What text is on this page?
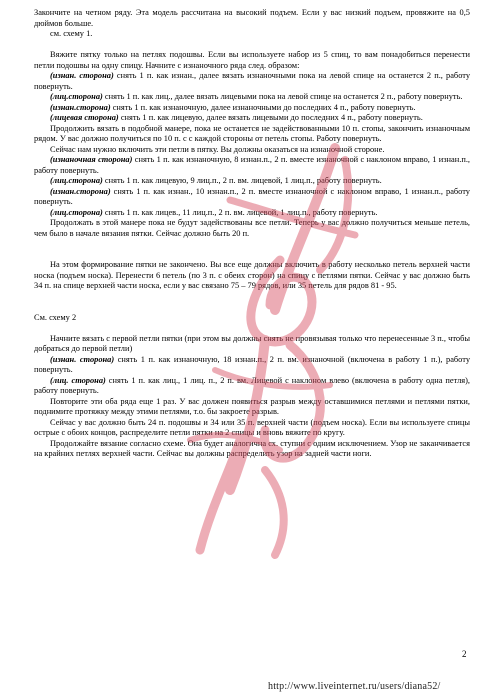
Закончите на четном ряду. Эта модель рассчитана на высокий подъем. Если у вас низкий подъем, провяжите на 0,5 дюймов больше.

см. схему 1.

Вяжите пятку только на петлях подошвы. Если вы используете набор из 5 спиц, то вам понадобиться перенести петли подошвы на одну спицу. Начните с изнаночного ряда след. образом:

(изнан. сторона) снять 1 п. как изнан., далее вязать изнаночными пока на левой спице на останется 2 п., работу повернуть.

(лиц.сторона) снять 1 п. как лиц., далее вязать лицевыми пока на левой спице на останется 2 п., работу повернуть.

(изнан.сторона) снять 1 п. как изнаночную, далее изнаночными до последних 4 п., работу повернуть.

(лицевая сторона) снять 1 п. как лицевую, далее вязать лицевыми до последних 4 п., работу повернуть.

Продолжить вязать в подобной манере, пока не останется не задействованными 10 п. стопы, закончить изнаночным рядом. У вас должно получиться по 10 п. с с каждой стороны от петель стопы. Работу повернуть.

Сейчас нам нужно включить эти петли в пятку. Вы должны оказаться на изнаночной стороне.

(изнаночная сторона) снять 1 п. как изнаночную, 8 изнан.п., 2 п. вместе изнаночной с наклоном вправо, 1 изнан.п., работу повернуть.

(лиц.сторона) снять 1 п. как лицевую, 9 лиц.п., 2 п. вм. лицевой, 1 лиц.п., работу повернуть.

(изнан.сторона) снять 1 п. как изнан., 10 изнан.п., 2 п. вместе изнаночной с наклоном вправо, 1 изнан.п., работу повернуть.

(лиц.сторона) снять 1 п. как лицев., 11 лиц.п., 2 п. вм. лицевой, 1 лиц.п., работу повернуть.

Продолжать в этой манере пока не будут задействованы все петли. Теперь у вас должно получиться меньше петель, чем было в начале вязания пятки. Сейчас должно быть 20 п.

На этом формирование пятки не закончено. Вы все еще должны включить в работу несколько петель верхней части носка (подъем носка). Перенести 6 петель (по 3 п. с обеих сторон) на спицу с петлями пятки. Сейчас у вас должно быть 34 п. на спице верхней части носка, если у вас связано 75 – 79 рядов, или 35 петель для рядов 81 - 95.

См. схему 2

Начните вязать с первой петли пятки (при этом вы должны снять не провязывая только что перенесенные 3 п., чтобы добраться до первой петли)

(изнан. сторона) снять 1 п. как изнаночную, 18 изнан.п., 2 п. вм. изнаночной (включена в работу 1 п.), работу повернуть.

(лиц. сторона) снять 1 п. как лиц., 1 лиц. п., 2 п. вм. Лицевой с наклоном влево (включена в работу одна петля), работу повернуть.

Повторите эти оба ряда еще 1 раз. У вас должен появиться разрыв между оставшимися петлями и петлями пятки, поднимите протяжку между этими петлями, т.о. бы закроете разрыв.

Сейчас у вас должно быть 24 п. подошвы и 34 или 35 п. верхней части (подъем носка). Если вы используете спицы острые с обоих концов, распределите петли пятки на 2 спицы и вновь вяжите по кругу.

Продолжайте вязание согласно схеме. Она будет аналогична сх. ступни с одним исключением. Узор не заканчивается на крайних петлях верхней части. Сейчас вы должны распределить узор на задней части ноги.

2
http://www.liveinternet.ru/users/diana52/
